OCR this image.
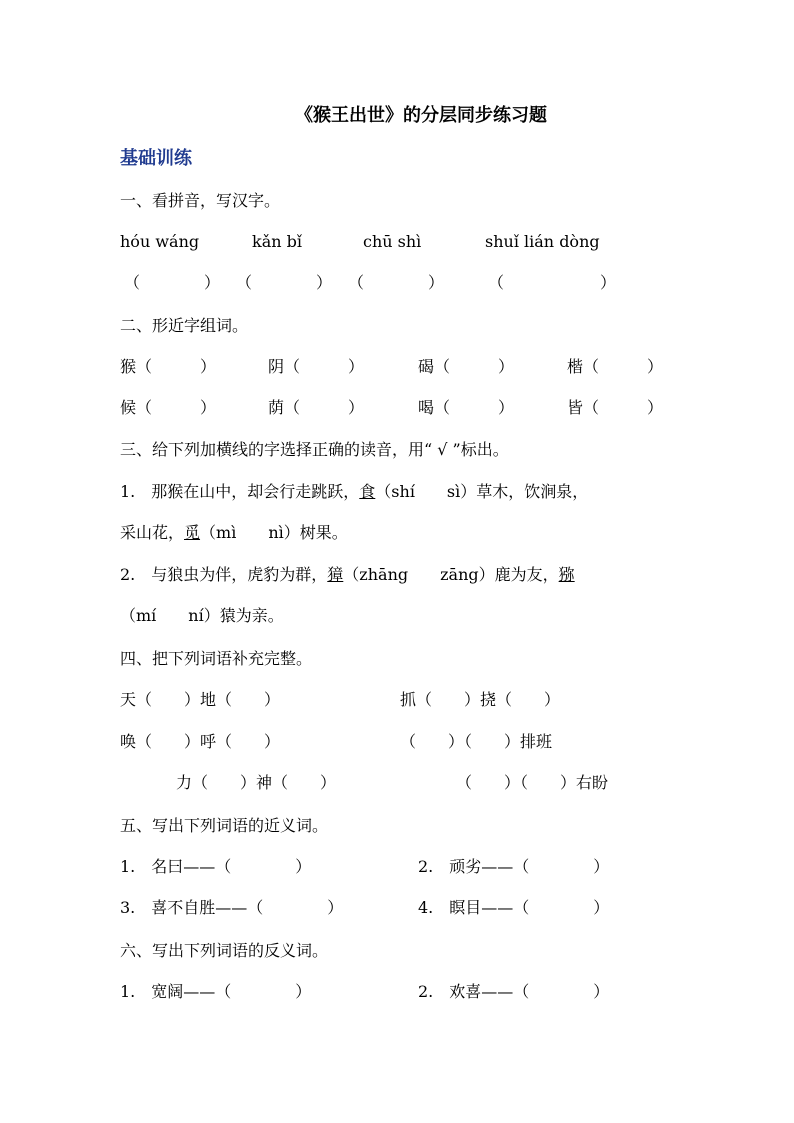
《猴王出世》的分层同步练习题
基础训练
一、看拼音，写汉字。
hóu wáng	kǎn bǐ	chū shì	shuǐ lián dòng
（　　　　） （　　　　） （　　　　）	（　　　　　　）
二、形近字组词。
猴（　　　）	阴（　　　）	碣（　　　）	楷（　　　）
候（　　　）	荫（　　　）	喝（　　　）	皆（　　　）
三、给下列加横线的字选择正确的读音，用“ √ ”标出。
1.　那猴在山中，却会行走跳跃，食（shí　　sì）草木，饮涧泉，
采山花，觅（mì　　nì）树果。
2.　与狼虫为伴，虎豹为群，獐（zhāng　　zāng）鹿为友，猕
（mí　　ní）猿为亲。
四、把下列词语补充完整。
天（　　）地（　　）	抓（　　）挠（　　）
唤（　　）呼（　　）	（　　）（　　）排班
力（　　）神（　　）	（　　）（　　）右盼
五、写出下列词语的近义词。
1.　名曰——（　　　　）	2.　顽劣——（　　　　）
3.　喜不自胜——（　　　　）	4.　瞑目——（　　　　）
六、写出下列词语的反义词。
1.　宽阔——（　　　　）	2.　欢喜——（　　　　）
